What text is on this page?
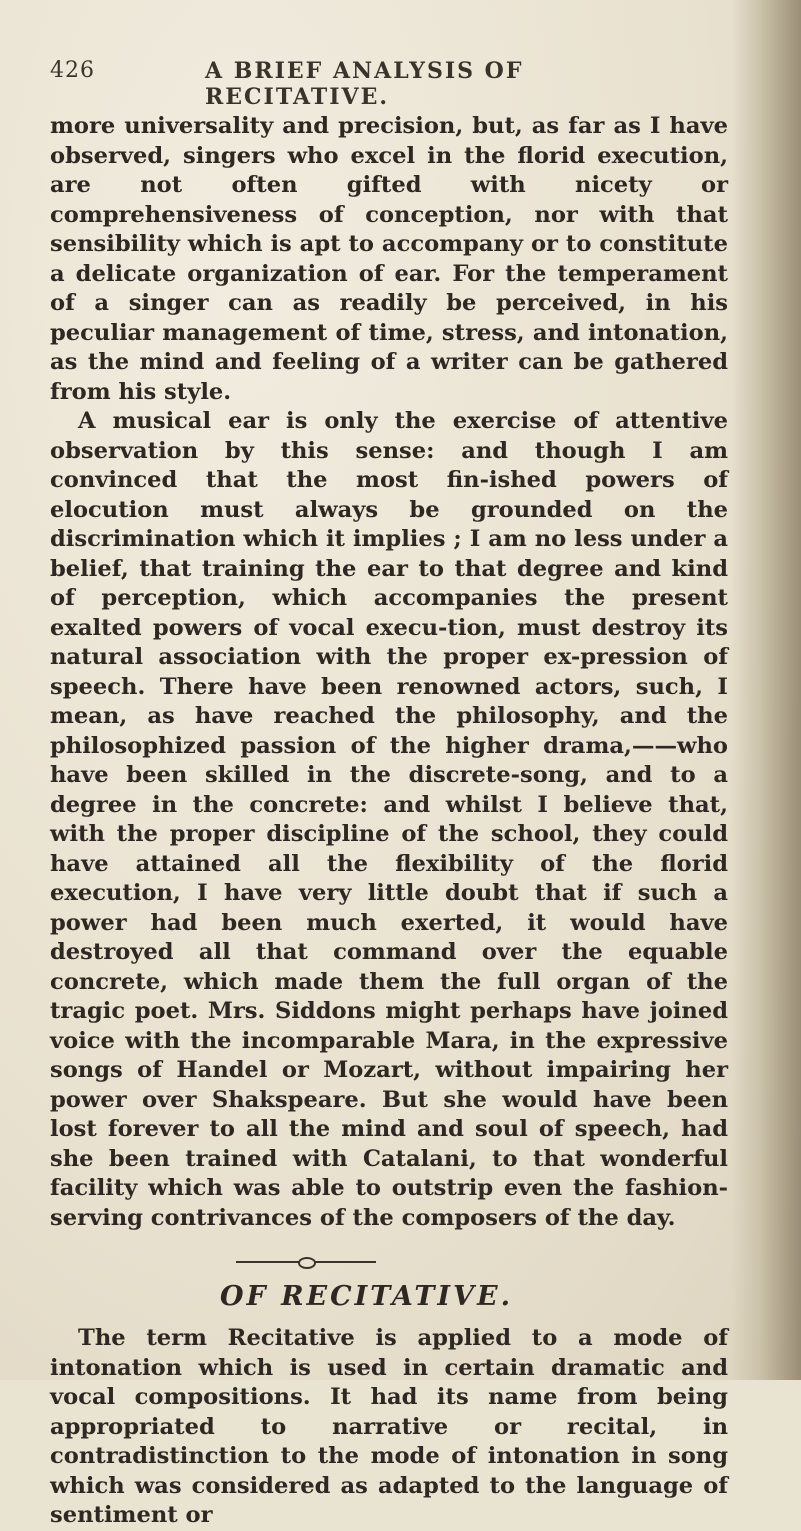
426	A BRIEF ANALYSIS OF RECITATIVE.

more universality and precision, but, as far as I have observed, singers who excel in the florid execution, are not often gifted with nicety or comprehensiveness of conception, nor with that sensibility which is apt to accompany or to constitute a delicate organization of ear. For the temperament of a singer can as readily be perceived, in his peculiar management of time, stress, and intonation, as the mind and feeling of a writer can be gathered from his style.

A musical ear is only the exercise of attentive observation by this sense: and though I am convinced that the most fin-ished powers of elocution must always be grounded on the discrimination which it implies ; I am no less under a belief, that training the ear to that degree and kind of perception, which accompanies the present exalted powers of vocal execu-tion, must destroy its natural association with the proper ex-pression of speech. There have been renowned actors, such, I mean, as have reached the philosophy, and the philosophized passion of the higher drama,——who have been skilled in the discrete-song, and to a degree in the concrete: and whilst I believe that, with the proper discipline of the school, they could have attained all the flexibility of the florid execution, I have very little doubt that if such a power had been much exerted, it would have destroyed all that command over the equable concrete, which made them the full organ of the tragic poet. Mrs. Siddons might perhaps have joined voice with the incomparable Mara, in the expressive songs of Handel or Mozart, without impairing her power over Shakspeare. But she would have been lost forever to all the mind and soul of speech, had she been trained with Catalani, to that wonderful facility which was able to outstrip even the fashion-serving contrivances of the composers of the day.

OF RECITATIVE.

The term Recitative is applied to a mode of intonation which is used in certain dramatic and vocal compositions. It had its name from being appropriated to narrative or recital, in contradistinction to the mode of intonation in song which was considered as adapted to the language of sentiment or
